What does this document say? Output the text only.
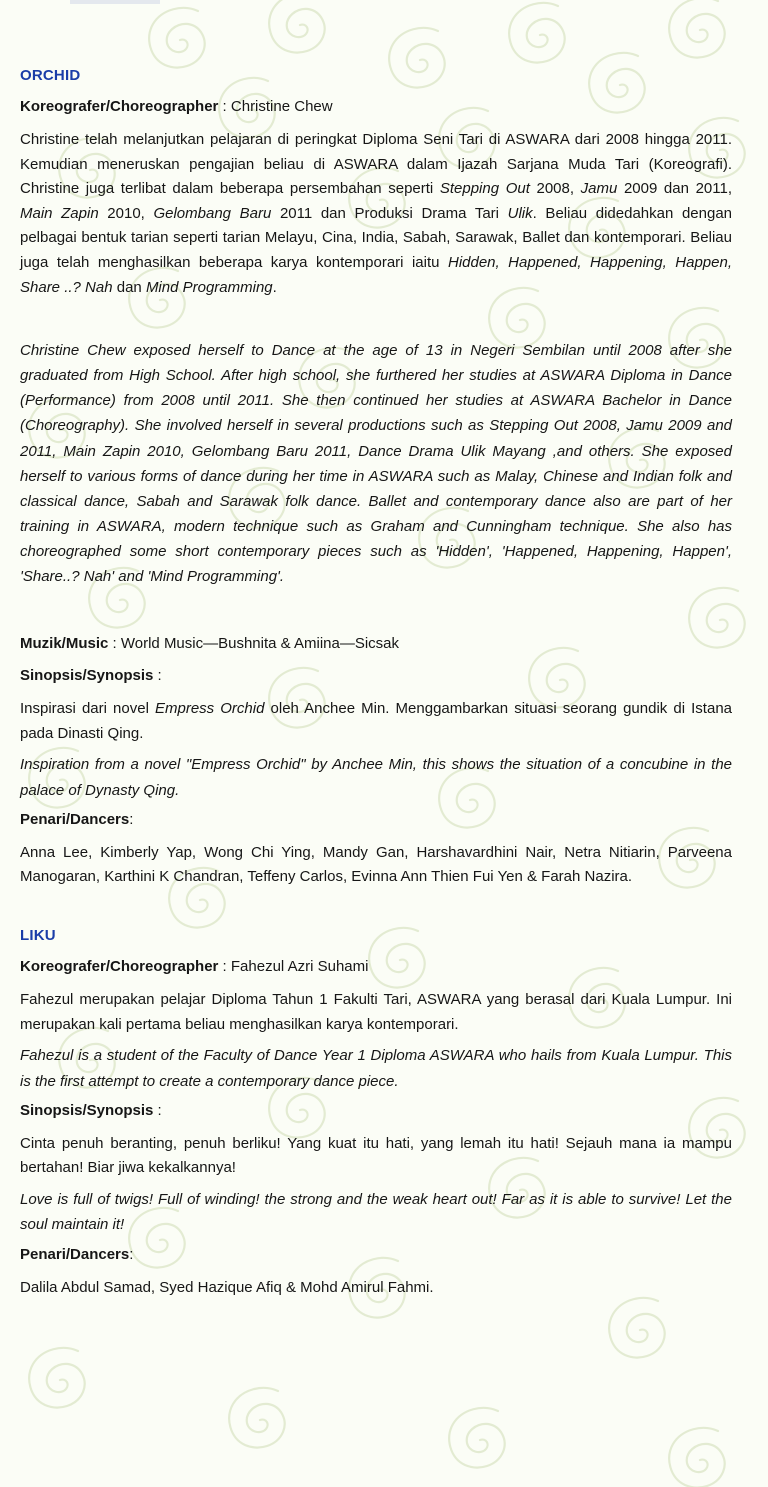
ORCHID
Koreografer/Choreographer : Christine Chew

Christine telah melanjutkan pelajaran di peringkat Diploma Seni Tari di ASWARA dari 2008 hingga 2011. Kemudian meneruskan pengajian beliau di ASWARA dalam Ijazah Sarjana Muda Tari (Koreografi). Christine juga terlibat dalam beberapa persembahan seperti Stepping Out 2008, Jamu 2009 dan 2011, Main Zapin 2010, Gelombang Baru 2011 dan Produksi Drama Tari Ulik. Beliau didedahkan dengan pelbagai bentuk tarian seperti tarian Melayu, Cina, India, Sabah, Sarawak, Ballet dan kontemporari. Beliau juga telah menghasilkan beberapa karya kontemporari iaitu Hidden, Happened, Happening, Happen, Share ..? Nah dan Mind Programming.

Christine Chew exposed herself to Dance at the age of 13 in Negeri Sembilan until 2008 after she graduated from High School. After high school, she furthered her studies at ASWARA Diploma in Dance (Performance) from 2008 until 2011. She then continued her studies at ASWARA Bachelor in Dance (Choreography). She involved herself in several productions such as Stepping Out 2008, Jamu 2009 and 2011, Main Zapin 2010, Gelombang Baru 2011, Dance Drama Ulik Mayang ,and others. She exposed herself to various forms of dance during her time in ASWARA such as Malay, Chinese and Indian folk and classical dance, Sabah and Sarawak folk dance. Ballet and contemporary dance also are part of her training in ASWARA, modern technique such as Graham and Cunningham technique. She also has choreographed some short contemporary pieces such as 'Hidden', 'Happened, Happening, Happen', 'Share..? Nah' and 'Mind Programming'.

Muzik/Music : World Music—Bushnita & Amiina—Sicsak
Sinopsis/Synopsis :

Inspirasi dari novel Empress Orchid oleh Anchee Min. Menggambarkan situasi seorang gundik di Istana pada Dinasti Qing.

Inspiration from a novel "Empress Orchid" by Anchee Min, this shows the situation of a concubine in the palace of Dynasty Qing.

Penari/Dancers:

Anna Lee, Kimberly Yap, Wong Chi Ying, Mandy Gan, Harshavardhini Nair, Netra Nitiarin, Parveena Manogaran, Karthini K Chandran, Teffeny Carlos, Evinna Ann Thien Fui Yen & Farah Nazira.

LIKU
Koreografer/Choreographer : Fahezul Azri Suhami

Fahezul merupakan pelajar Diploma Tahun 1 Fakulti Tari, ASWARA yang berasal dari Kuala Lumpur. Ini merupakan kali pertama beliau menghasilkan karya kontemporari.

Fahezul is a student of the Faculty of Dance Year 1 Diploma ASWARA who hails from Kuala Lumpur. This is the first attempt to create a contemporary dance piece.

Sinopsis/Synopsis :

Cinta penuh beranting, penuh berliku! Yang kuat itu hati, yang lemah itu hati! Sejauh mana ia mampu bertahan! Biar jiwa kekalkannya!

Love is full of twigs! Full of winding! the strong and the weak heart out! Far as it is able to survive! Let the soul maintain it!

Penari/Dancers:

Dalila Abdul Samad, Syed Hazique Afiq & Mohd Amirul Fahmi.
